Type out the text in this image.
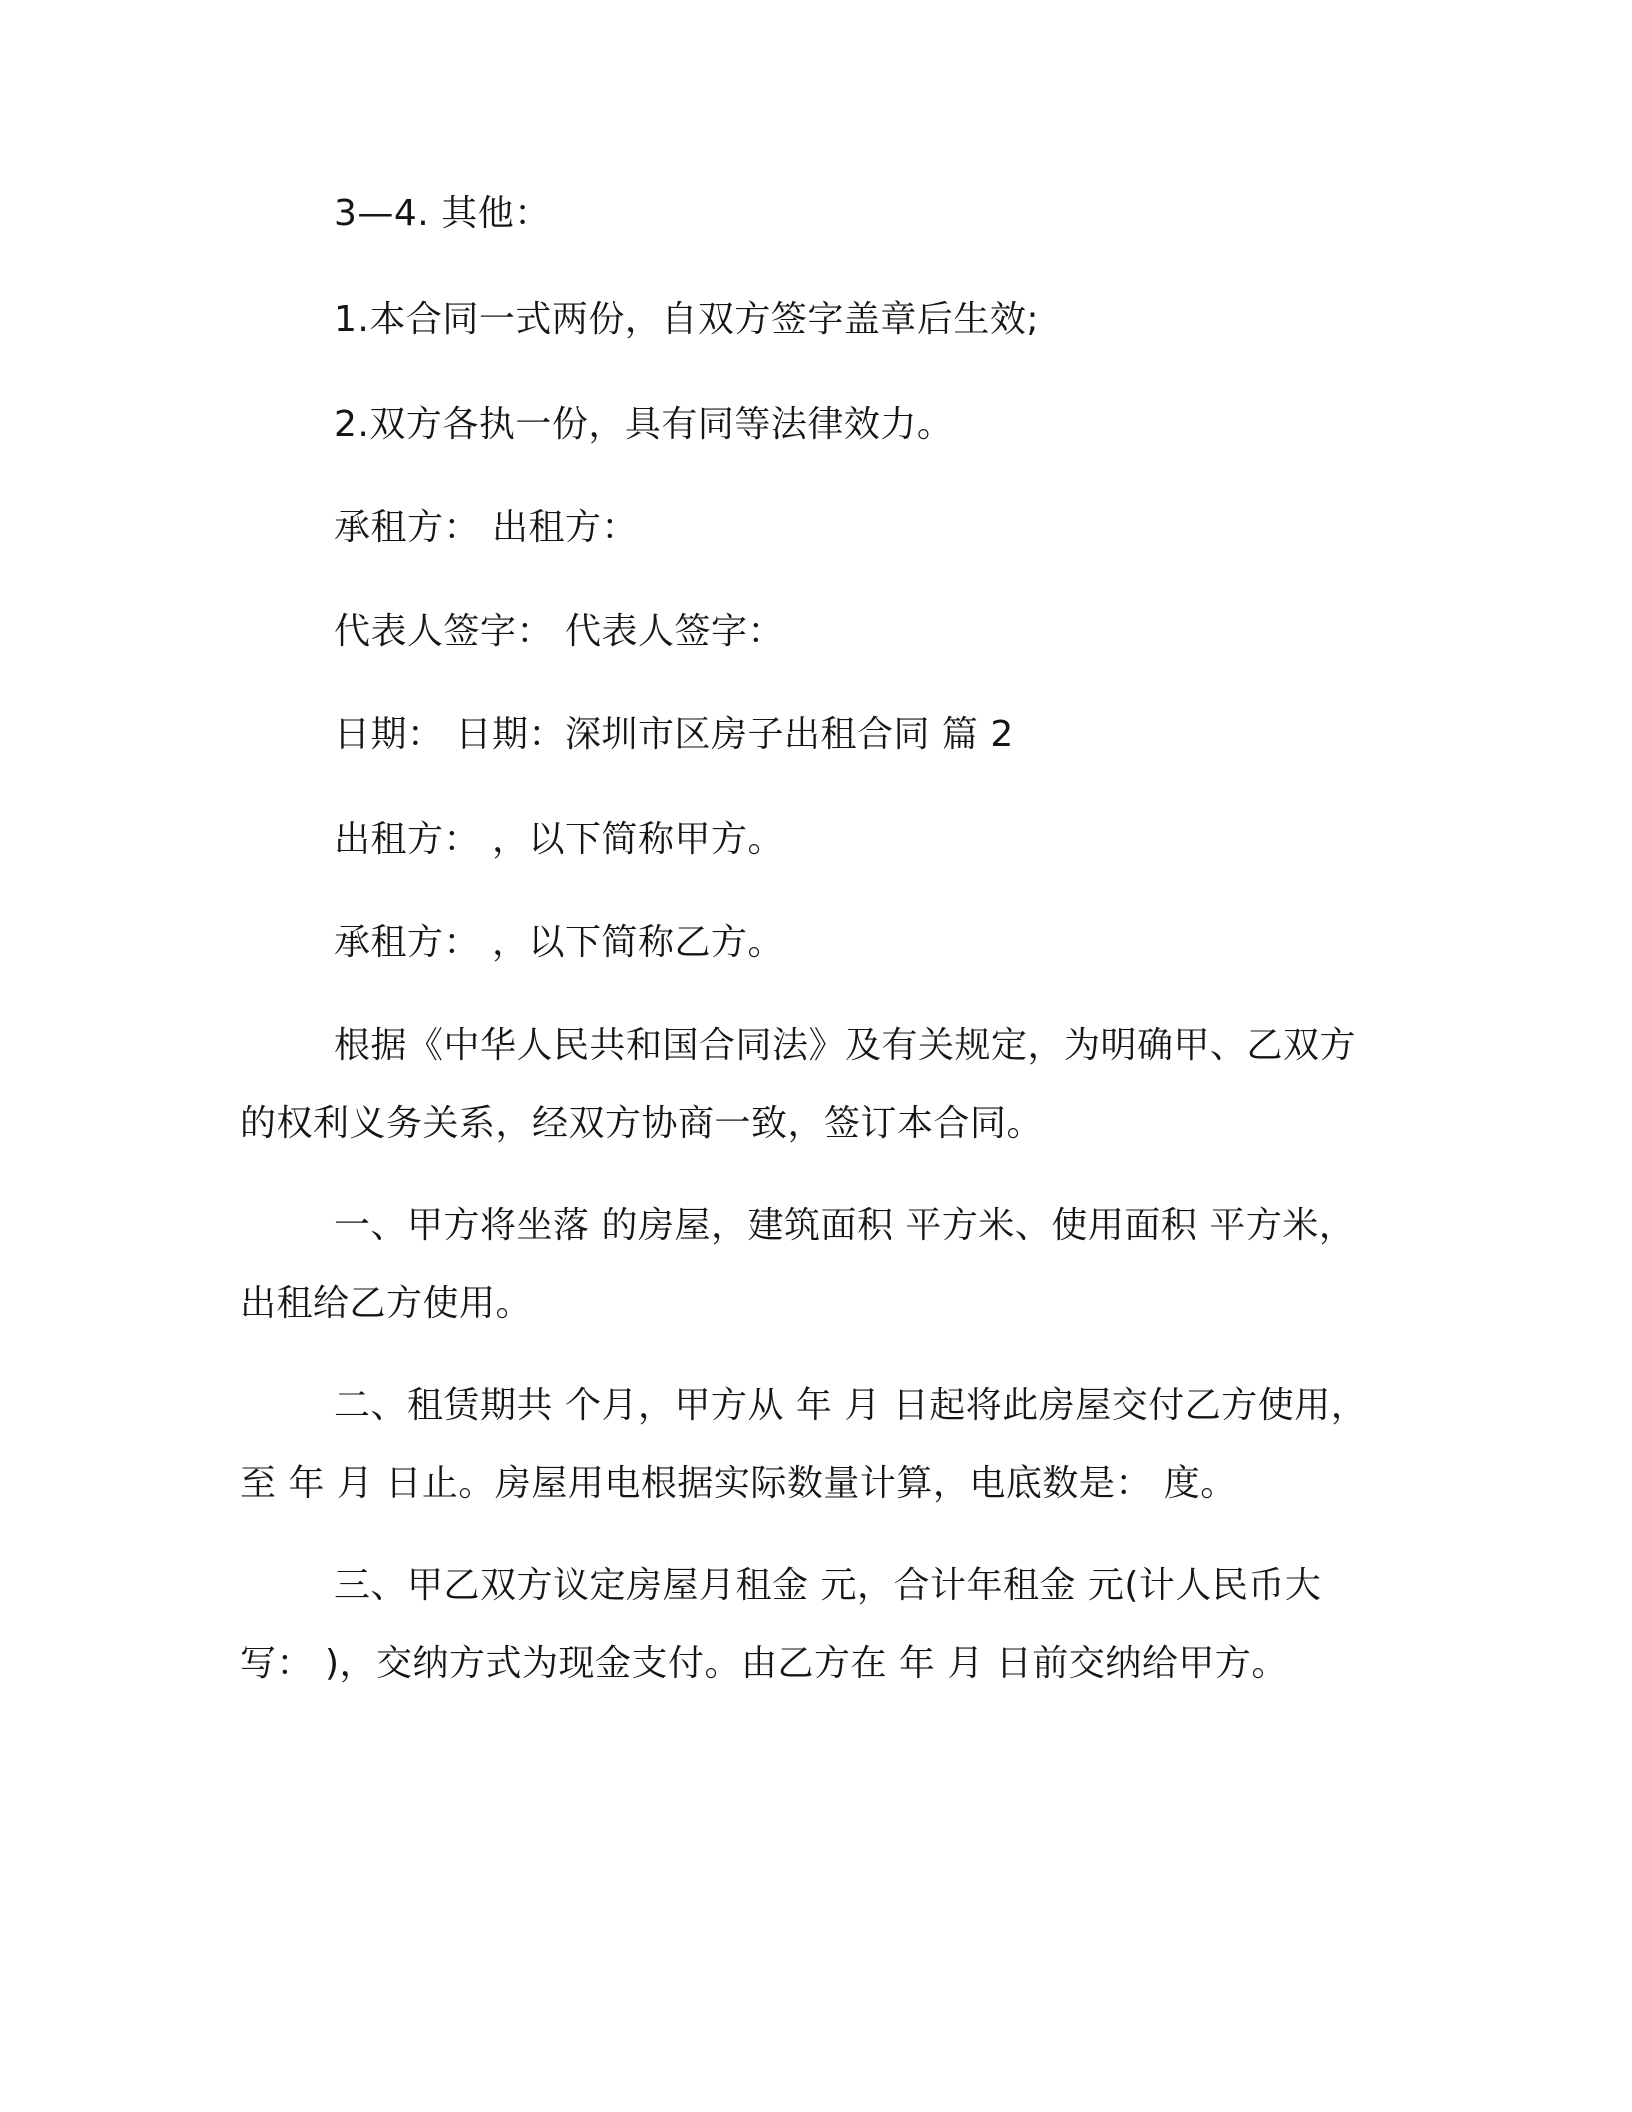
3—4. 其他：
1.本合同一式两份，自双方签字盖章后生效;
2.双方各执一份，具有同等法律效力。
承租方： 出租方：
代表人签字： 代表人签字：
日期： 日期：深圳市区房子出租合同 篇 2
出租方： ，以下简称甲方。
承租方： ，以下简称乙方。
根据《中华人民共和国合同法》及有关规定，为明确甲、乙双方
的权利义务关系，经双方协商一致，签订本合同。
一、甲方将坐落 的房屋，建筑面积 平方米、使用面积 平方米，
出租给乙方使用。
二、租赁期共 个月，甲方从 年 月 日起将此房屋交付乙方使用，
至 年 月 日止。房屋用电根据实际数量计算，电底数是： 度。
三、甲乙双方议定房屋月租金 元，合计年租金 元(计人民币大
写： )，交纳方式为现金支付。由乙方在 年 月 日前交纳给甲方。
